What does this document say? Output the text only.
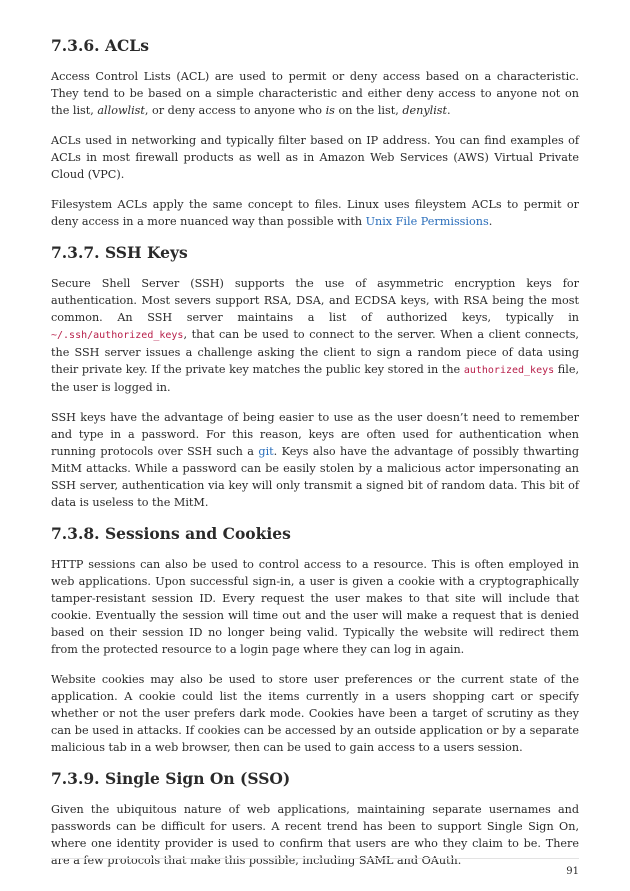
7.3.6. ACLs

Access Control Lists (ACL) are used to permit or deny access based on a characteristic. They tend to be based on a simple characteristic and either deny access to anyone not on the list, allowlist, or deny access to anyone who is on the list, denylist.

ACLs used in networking and typically filter based on IP address. You can find examples of ACLs in most firewall products as well as in Amazon Web Services (AWS) Virtual Private Cloud (VPC).

Filesystem ACLs apply the same concept to files. Linux uses fileystem ACLs to permit or deny access in a more nuanced way than possible with Unix File Permissions.

7.3.7. SSH Keys

Secure Shell Server (SSH) supports the use of asymmetric encryption keys for authentication. Most severs support RSA, DSA, and ECDSA keys, with RSA being the most common. An SSH server maintains a list of authorized keys, typically in ~/.ssh/authorized_keys, that can be used to connect to the server. When a client connects, the SSH server issues a challenge asking the client to sign a random piece of data using their private key. If the private key matches the public key stored in the authorized_keys file, the user is logged in.

SSH keys have the advantage of being easier to use as the user doesn’t need to remember and type in a password. For this reason, keys are often used for authentication when running protocols over SSH such a git. Keys also have the advantage of possibly thwarting MitM attacks. While a password can be easily stolen by a malicious actor impersonating an SSH server, authentication via key will only transmit a signed bit of random data. This bit of data is useless to the MitM.

7.3.8. Sessions and Cookies

HTTP sessions can also be used to control access to a resource. This is often employed in web applications. Upon successful sign-in, a user is given a cookie with a cryptographically tamper-resistant session ID. Every request the user makes to that site will include that cookie. Eventually the session will time out and the user will make a request that is denied based on their session ID no longer being valid. Typically the website will redirect them from the protected resource to a login page where they can log in again.

Website cookies may also be used to store user preferences or the current state of the application. A cookie could list the items currently in a users shopping cart or specify whether or not the user prefers dark mode. Cookies have been a target of scrutiny as they can be used in attacks. If cookies can be accessed by an outside application or by a separate malicious tab in a web browser, then can be used to gain access to a users session.

7.3.9. Single Sign On (SSO)

Given the ubiquitous nature of web applications, maintaining separate usernames and passwords can be difficult for users. A recent trend has been to support Single Sign On, where one identity provider is used to confirm that users are who they claim to be. There are a few protocols that make this possible, including SAML and OAuth.

91
